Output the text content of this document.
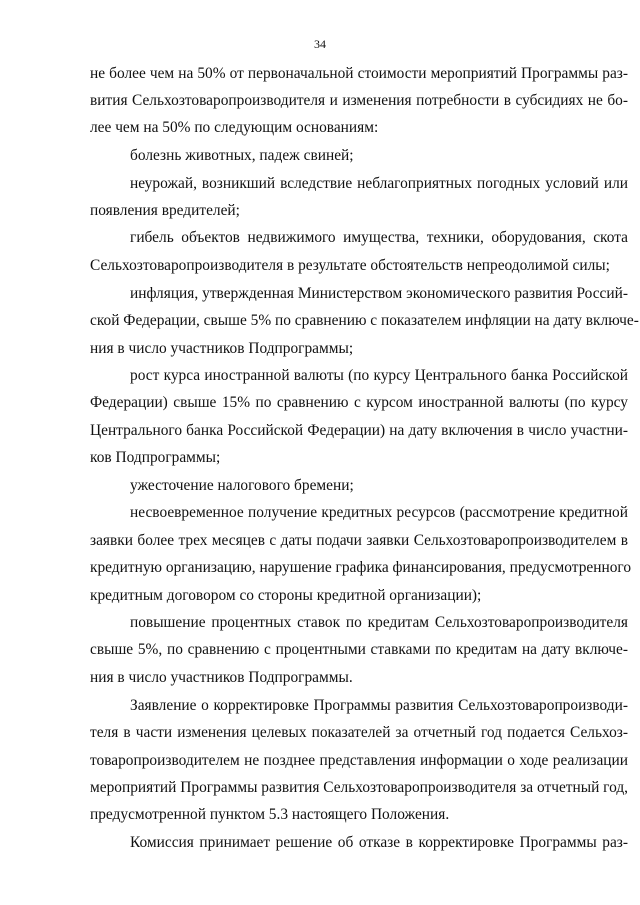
34
не более чем на 50% от первоначальной стоимости мероприятий Программы раз-
вития Сельхозтоваропроизводителя и изменения потребности в субсидиях не бо-
лее чем на 50% по следующим основаниям:
болезнь животных, падеж свиней;
неурожай, возникший вследствие неблагоприятных погодных условий или
появления вредителей;
гибель объектов недвижимого имущества, техники, оборудования, скота
Сельхозтоваропроизводителя в результате обстоятельств непреодолимой силы;
инфляция, утвержденная Министерством экономического развития Россий-
ской Федерации, свыше 5% по сравнению с показателем инфляции на дату включе-
ния в число участников Подпрограммы;
рост курса иностранной валюты (по курсу Центрального банка Российской
Федерации) свыше 15% по сравнению с курсом иностранной валюты (по курсу
Центрального банка Российской Федерации) на дату включения в число участни-
ков Подпрограммы;
ужесточение налогового бремени;
несвоевременное получение кредитных ресурсов (рассмотрение кредитной
заявки более трех месяцев с даты подачи заявки Сельхозтоваропроизводителем в
кредитную организацию, нарушение графика финансирования, предусмотренного
кредитным договором со стороны кредитной организации);
повышение процентных ставок по кредитам Сельхозтоваропроизводителя
свыше 5%, по сравнению с процентными ставками по кредитам на дату включе-
ния в число участников Подпрограммы.
Заявление о корректировке Программы развития Сельхозтоваропроизводи-
теля в части изменения целевых показателей за отчетный год подается Сельхоз-
товаропроизводителем не позднее представления информации о ходе реализации
мероприятий Программы развития Сельхозтоваропроизводителя за отчетный год,
предусмотренной пунктом 5.3 настоящего Положения.
Комиссия принимает решение об отказе в корректировке Программы раз-
